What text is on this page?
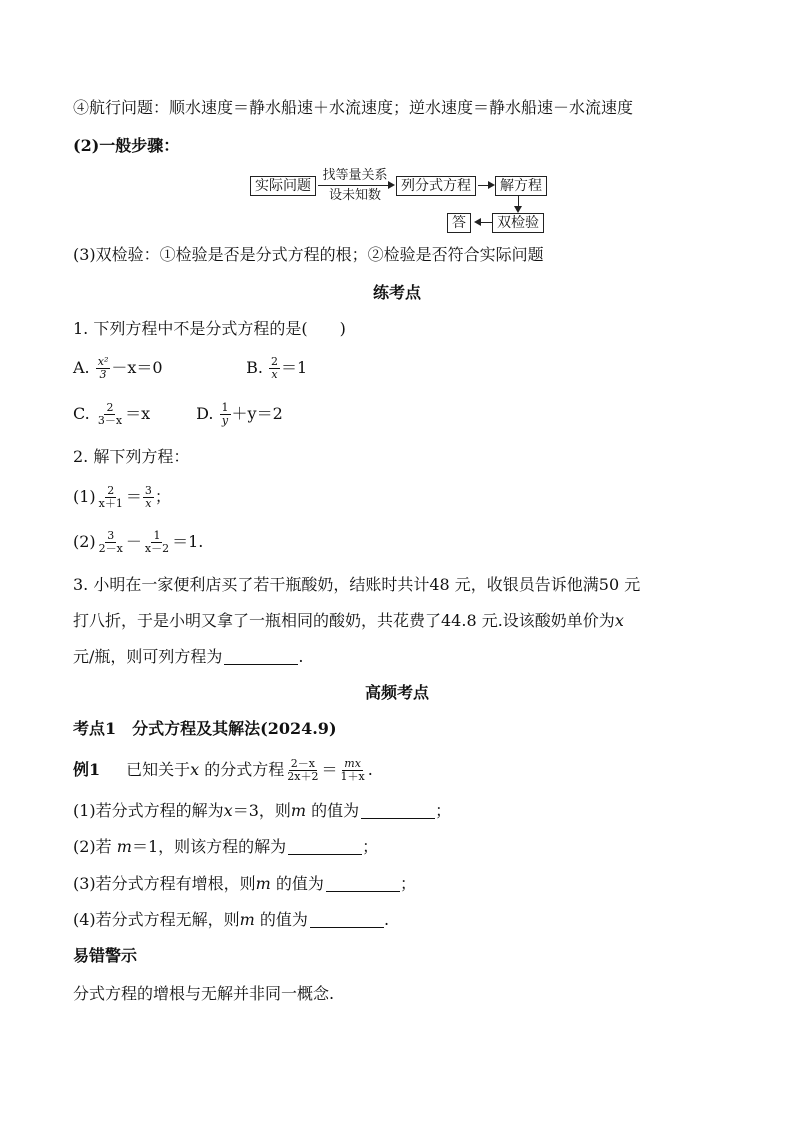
④航行问题：顺水速度＝静水船速＋水流速度；逆水速度＝静水船速－水流速度
(2)一般步骤：
实际问题
找等量关系
设未知数
列分式方程	解方程
双检验
答
(3)双检验：①检验是否是分式方程的根；②检验是否符合实际问题
练考点
1. 下列方程中不是分式方程的是(　　)
A. $\frac{\text{x²}}{3} -x=0$	B. $\frac{2}{x} =1$
C. $\frac{2}{3-x} =x$	D. $\frac{1}{y} +y=2$
2. 解下列方程：
$(1) \frac{2}{x+1} = \frac{3}{x}$ ；
$(2) \frac{3}{2-x} - \frac{1}{x-2} =1$.
3. 小明在一家便利店买了若干瓶酸奶，结账时共计48 元，收银员告诉他满50 元
打八折，于是小明又拿了一瓶相同的酸奶，共花费了44.8 元.设该酸奶单价为x
元/瓶，则可列方程为	.
高频考点
考点1　分式方程及其解法(2024.9)
例1 已知关于x 的分式方程 $\frac{2-x}{2x+2} = \frac{mx}{1+x}$ .
(1)若分式方程的解为x＝3，则m 的值为	；
(2)若 m＝1，则该方程的解为	；
(3)若分式方程有增根，则m 的值为	；
(4)若分式方程无解，则m 的值为	.
易错警示
分式方程的增根与无解并非同一概念.
